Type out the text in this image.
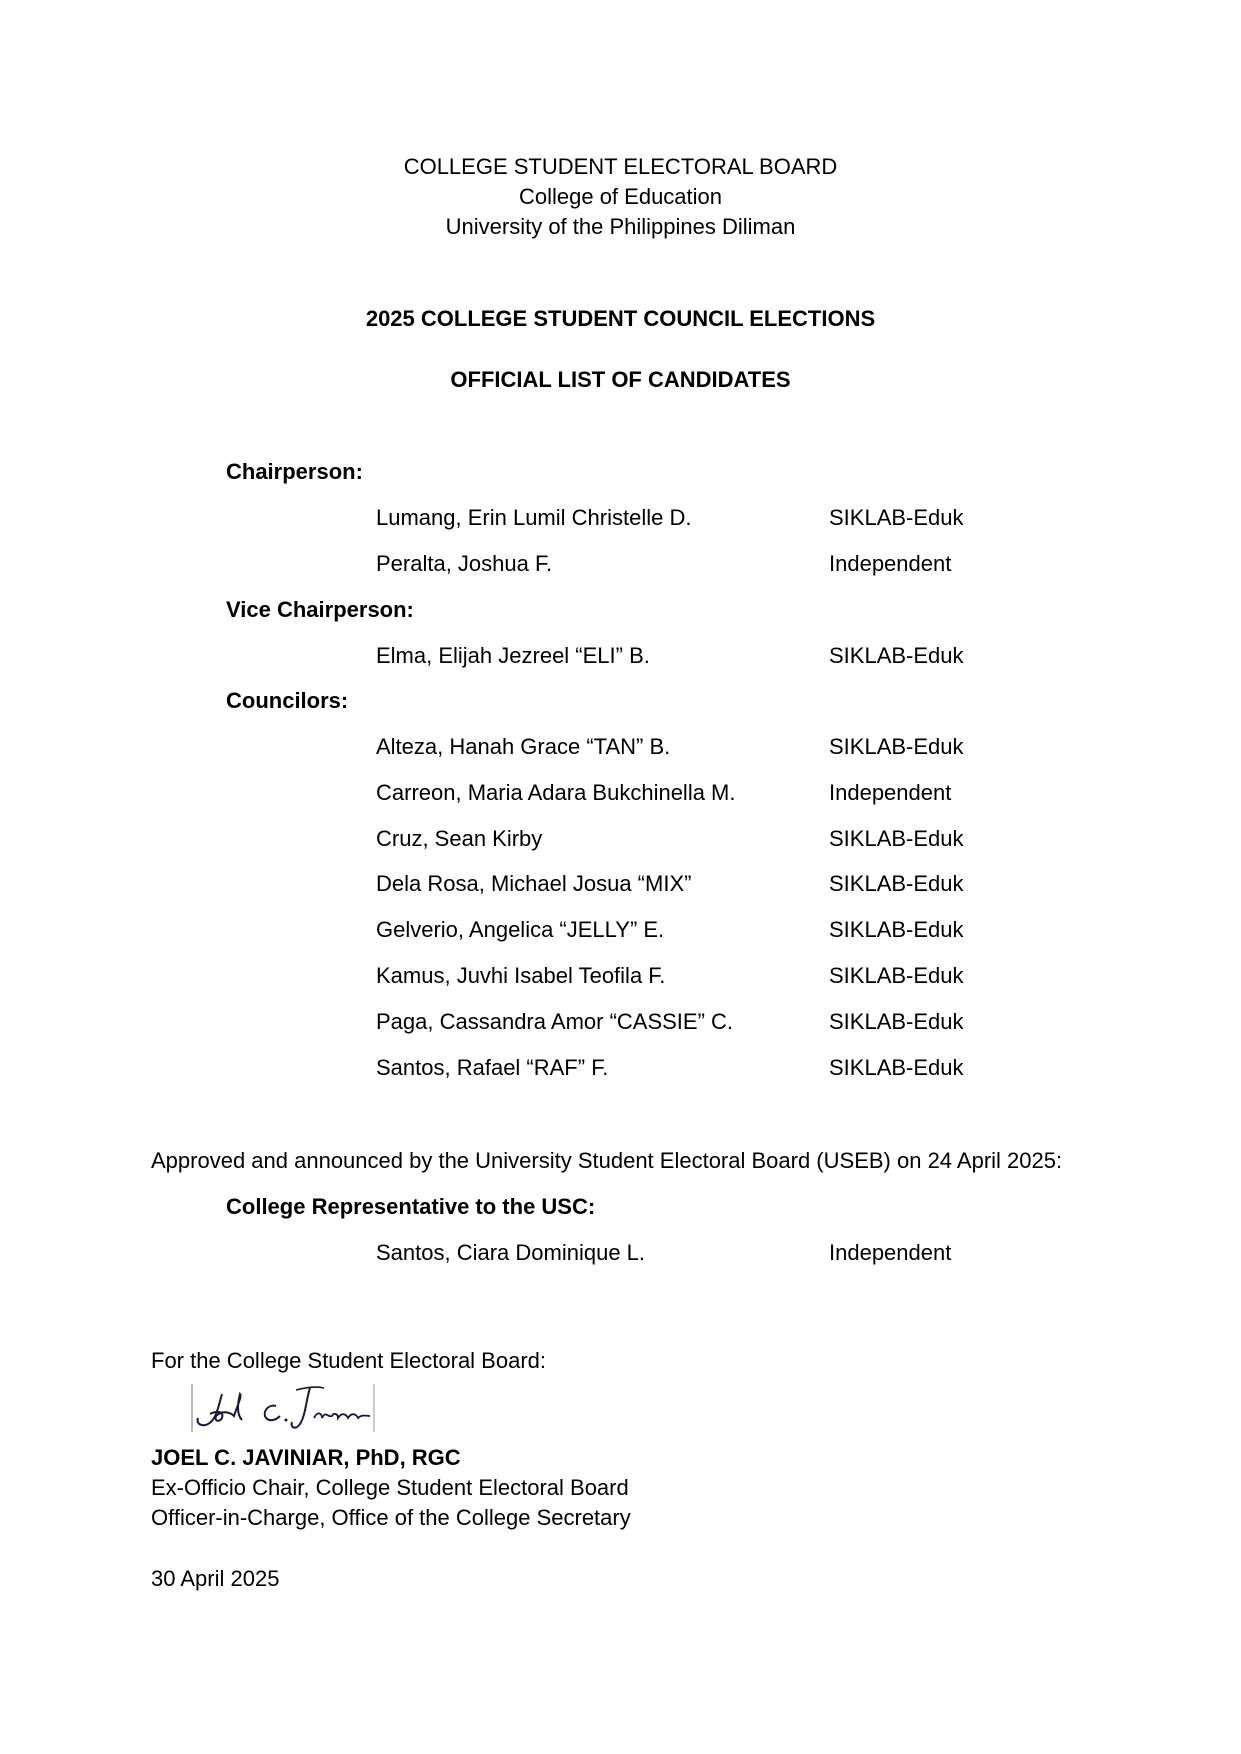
COLLEGE STUDENT ELECTORAL BOARD
College of Education
University of the Philippines Diliman
2025 COLLEGE STUDENT COUNCIL ELECTIONS
OFFICIAL LIST OF CANDIDATES
Chairperson:
Lumang, Erin Lumil Christelle D.	SIKLAB-Eduk
Peralta, Joshua F.	Independent
Vice Chairperson:
Elma, Elijah Jezreel “ELI” B.	SIKLAB-Eduk
Councilors:
Alteza, Hanah Grace “TAN” B.	SIKLAB-Eduk
Carreon, Maria Adara Bukchinella M.	Independent
Cruz, Sean Kirby	SIKLAB-Eduk
Dela Rosa, Michael Josua “MIX”	SIKLAB-Eduk
Gelverio, Angelica “JELLY” E.	SIKLAB-Eduk
Kamus, Juvhi Isabel Teofila F.	SIKLAB-Eduk
Paga, Cassandra Amor “CASSIE” C.	SIKLAB-Eduk
Santos, Rafael “RAF” F.	SIKLAB-Eduk
Approved and announced by the University Student Electoral Board (USEB) on 24 April 2025:
College Representative to the USC:
Santos, Ciara Dominique L.	Independent
For the College Student Electoral Board:
JOEL C. JAVINIAR, PhD, RGC
Ex-Officio Chair, College Student Electoral Board
Officer-in-Charge, Office of the College Secretary
30 April 2025
